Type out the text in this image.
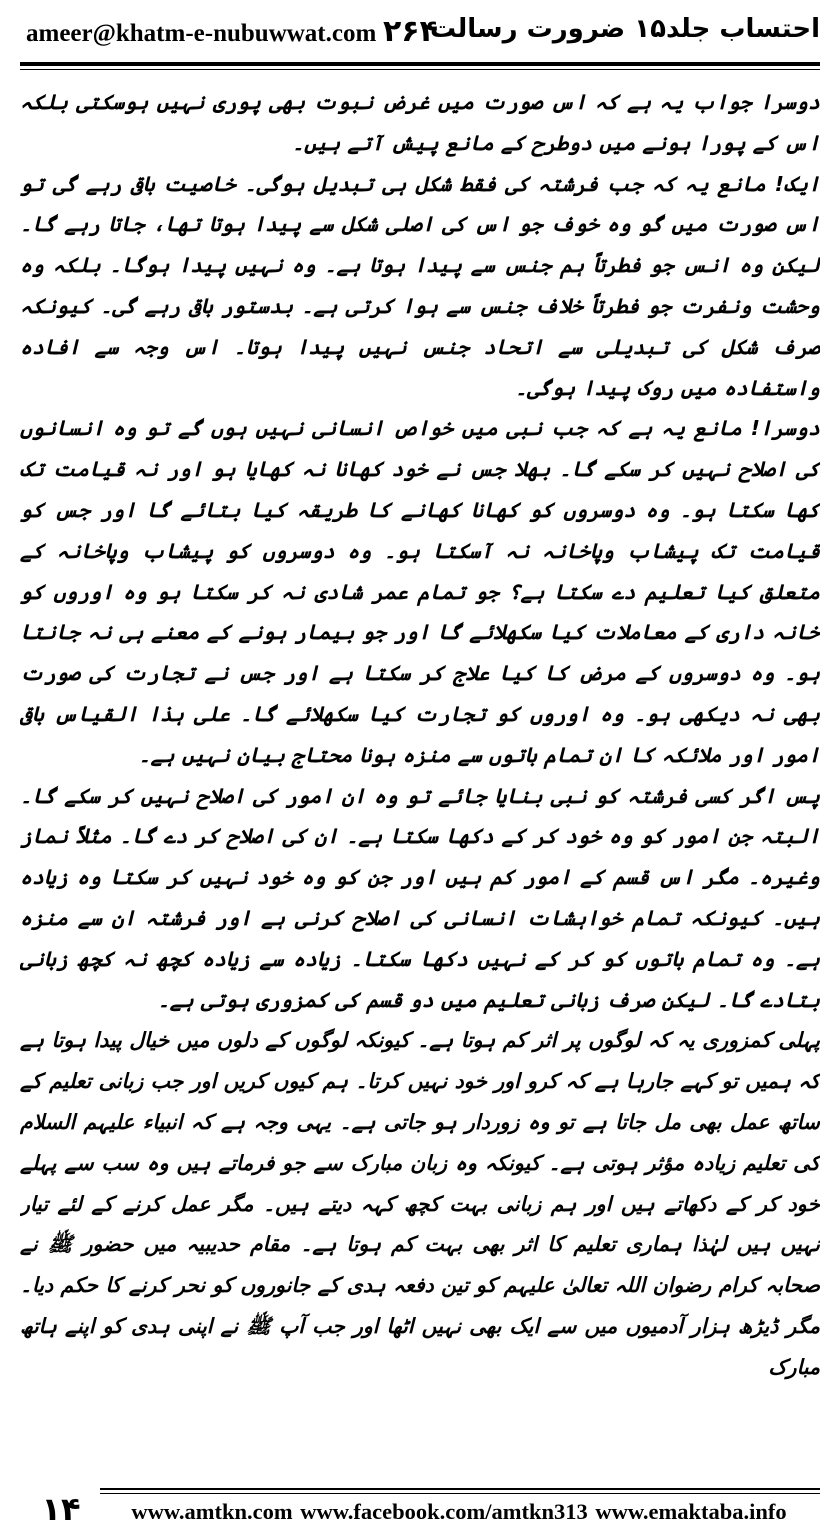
ameer@khatm-e-nubuwwat.com ۲۶۴
احتساب جلد۱۵ ضرورت رسالت

دوسرا جواب یہ ہے کہ اس صورت میں غرض نبوت بھی پوری نہیں ہوسکتی بلکہ اس کے پورا ہونے میں دوطرح کے مانع پیش آتے ہیں۔

ایک! مانع یہ کہ جب فرشتہ کی فقط شکل ہی تبدیل ہوگی۔ خاصیت باقی رہے گی تو اس صورت میں گو وہ خوف جو اس کی اصلی شکل سے پیدا ہوتا تھا، جاتا رہے گا۔ لیکن وہ انس جو فطرتاً ہم جنس سے پیدا ہوتا ہے۔ وہ نہیں پیدا ہوگا۔ بلکہ وہ وحشت ونفرت جو فطرتاً خلاف جنس سے ہوا کرتی ہے۔ بدستور باقی رہے گی۔ کیونکہ صرف شکل کی تبدیلی سے اتحاد جنس نہیں پیدا ہوتا۔ اس وجہ سے افادہ واستفادہ میں روک پیدا ہوگی۔

دوسرا! مانع یہ ہے کہ جب نبی میں خواص انسانی نہیں ہوں گے تو وہ انسانوں کی اصلاح نہیں کر سکے گا۔ بھلا جس نے خود کھانا نہ کھایا ہو اور نہ قیامت تک کھا سکتا ہو۔ وہ دوسروں کو کھانا کھانے کا طریقہ کیا بتائے گا اور جس کو قیامت تک پیشاب وپاخانہ نہ آسکتا ہو۔ وہ دوسروں کو پیشاب وپاخانہ کے متعلق کیا تعلیم دے سکتا ہے؟ جو تمام عمر شادی نہ کر سکتا ہو وہ اوروں کو خانہ داری کے معاملات کیا سکھلائے گا اور جو بیمار ہونے کے معنے ہی نہ جانتا ہو۔ وہ دوسروں کے مرض کا کیا علاج کر سکتا ہے اور جس نے تجارت کی صورت بھی نہ دیکھی ہو۔ وہ اوروں کو تجارت کیا سکھلائے گا۔ علی ہذا القیاس باقی امور اور ملائکہ کا ان تمام باتوں سے منزہ ہونا محتاج بیان نہیں ہے۔

پس اگر کسی فرشتہ کو نبی بنایا جائے تو وہ ان امور کی اصلاح نہیں کر سکے گا۔ البتہ جن امور کو وہ خود کر کے دکھا سکتا ہے۔ ان کی اصلاح کر دے گا۔ مثلاً نماز وغیرہ۔ مگر اس قسم کے امور کم ہیں اور جن کو وہ خود نہیں کر سکتا وہ زیادہ ہیں۔ کیونکہ تمام خواہشات انسانی کی اصلاح کرنی ہے اور فرشتہ ان سے منزہ ہے۔ وہ تمام باتوں کو کر کے نہیں دکھا سکتا۔ زیادہ سے زیادہ کچھ نہ کچھ زبانی بتادے گا۔ لیکن صرف زبانی تعلیم میں دو قسم کی کمزوری ہوتی ہے۔

پہلی کمزوری یہ کہ لوگوں پر اثر کم ہوتا ہے۔ کیونکہ لوگوں کے دلوں میں خیال پیدا ہوتا ہے کہ ہمیں تو کہے جارہا ہے کہ کرو اور خود نہیں کرتا۔ ہم کیوں کریں اور جب زبانی تعلیم کے ساتھ عمل بھی مل جاتا ہے تو وہ زوردار ہو جاتی ہے۔ یہی وجہ ہے کہ انبیاء علیہم السلام کی تعلیم زیادہ مؤثر ہوتی ہے۔ کیونکہ وہ زبان مبارک سے جو فرماتے ہیں وہ سب سے پہلے خود کر کے دکھاتے ہیں اور ہم زبانی بہت کچھ کہہ دیتے ہیں۔ مگر عمل کرنے کے لئے تیار نہیں ہیں لہٰذا ہماری تعلیم کا اثر بھی بہت کم ہوتا ہے۔ مقام حدیبیہ میں حضور ﷺ نے صحابہ کرام رضوان اللہ تعالیٰ علیہم کو تین دفعہ ہدی کے جانوروں کو نحر کرنے کا حکم دیا۔ مگر ڈیڑھ ہزار آدمیوں میں سے ایک بھی نہیں اٹھا اور جب آپ ﷺ نے اپنی ہدی کو اپنے ہاتھ مبارک

۱۴	www.amtkn.com www.facebook.com/amtkn313 www.emaktaba.info
